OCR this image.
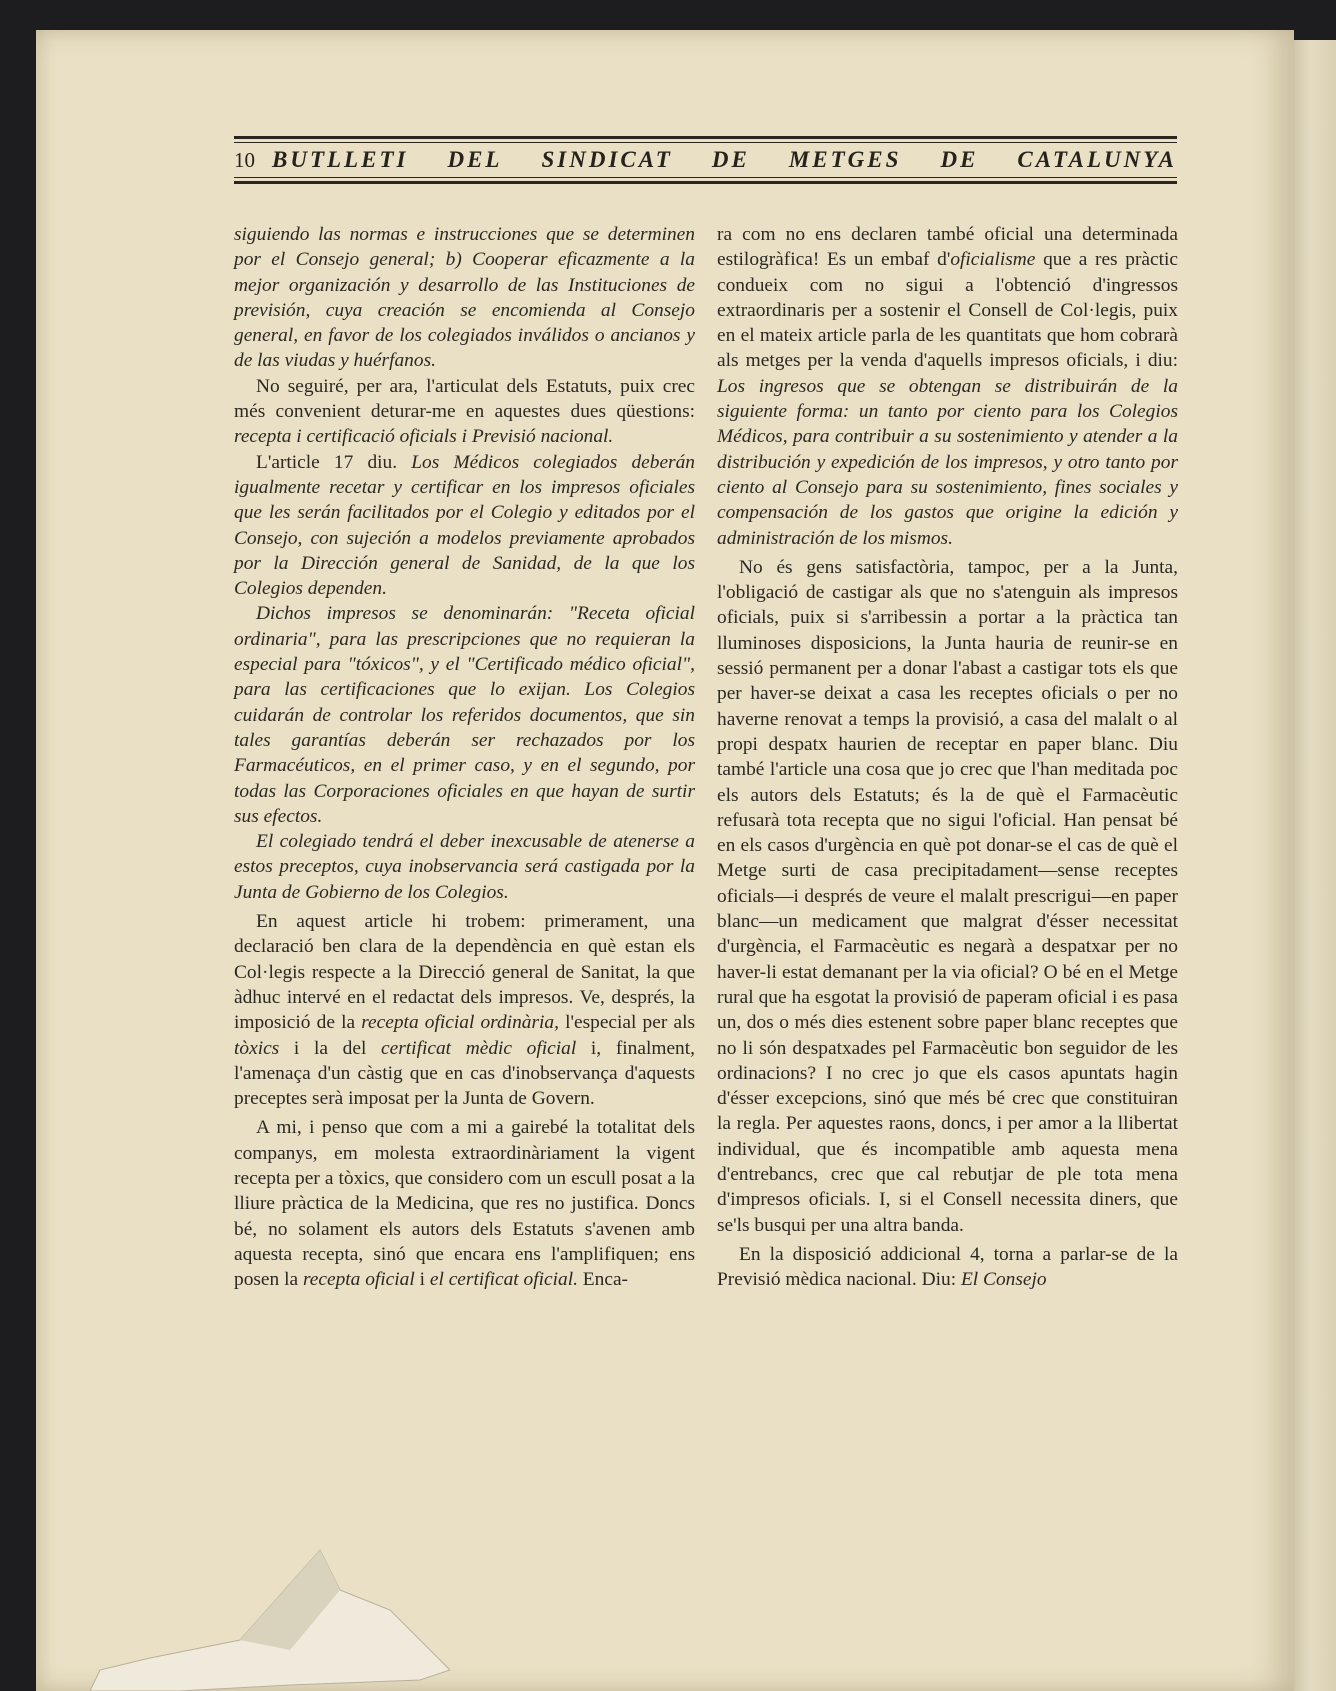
10 BUTLLETI DEL SINDICAT DE METGES DE CATALUNYA

siguiendo las normas e instrucciones que se determinen por el Consejo general; b) Cooperar eficazmente a la mejor organización y desarrollo de las Instituciones de previsión, cuya creación se encomienda al Consejo general, en favor de los colegiados inválidos o ancianos y de las viudas y huérfanos.

No seguiré, per ara, l'articulat dels Estatuts, puix crec més convenient deturar-me en aquestes dues qüestions: recepta i certificació oficials i Previsió nacional.

L'article 17 diu. Los Médicos colegiados deberán igualmente recetar y certificar en los impresos oficiales que les serán facilitados por el Colegio y editados por el Consejo, con sujeción a modelos previamente aprobados por la Dirección general de Sanidad, de la que los Colegios dependen.

Dichos impresos se denominarán: "Receta oficial ordinaria", para las prescripciones que no requieran la especial para "tóxicos", y el "Certificado médico oficial", para las certificaciones que lo exijan. Los Colegios cuidarán de controlar los referidos documentos, que sin tales garantías deberán ser rechazados por los Farmacéuticos, en el primer caso, y en el segundo, por todas las Corporaciones oficiales en que hayan de surtir sus efectos.

El colegiado tendrá el deber inexcusable de atenerse a estos preceptos, cuya inobservancia será castigada por la Junta de Gobierno de los Colegios.

En aquest article hi trobem: primerament, una declaració ben clara de la dependència en què estan els Col·legis respecte a la Direcció general de Sanitat, la que àdhuc intervé en el redactat dels impresos. Ve, després, la imposició de la recepta oficial ordinària, l'especial per als tòxics i la del certificat mèdic oficial i, finalment, l'amenaça d'un càstig que en cas d'inobservança d'aquests preceptes serà imposat per la Junta de Govern.

A mi, i penso que com a mi a gairebé la totalitat dels companys, em molesta extraordinàriament la vigent recepta per a tòxics, que considero com un escull posat a la lliure pràctica de la Medicina, que res no justifica. Doncs bé, no solament els autors dels Estatuts s'avenen amb aquesta recepta, sinó que encara ens l'amplifiquen; ens posen la recepta oficial i el certificat oficial. Enca-

ra com no ens declaren també oficial una determinada estilogràfica! Es un embaf d'oficialisme que a res pràctic condueix com no sigui a l'obtenció d'ingressos extraordinaris per a sostenir el Consell de Col·legis, puix en el mateix article parla de les quantitats que hom cobrarà als metges per la venda d'aquells impresos oficials, i diu: Los ingresos que se obtengan se distribuirán de la siguiente forma: un tanto por ciento para los Colegios Médicos, para contribuir a su sostenimiento y atender a la distribución y expedición de los impresos, y otro tanto por ciento al Consejo para su sostenimiento, fines sociales y compensación de los gastos que origine la edición y administración de los mismos.

No és gens satisfactòria, tampoc, per a la Junta, l'obligació de castigar als que no s'atenguin als impresos oficials, puix si s'arribessin a portar a la pràctica tan lluminoses disposicions, la Junta hauria de reunir-se en sessió permanent per a donar l'abast a castigar tots els que per haver-se deixat a casa les receptes oficials o per no haverne renovat a temps la provisió, a casa del malalt o al propi despatx haurien de receptar en paper blanc. Diu també l'article una cosa que jo crec que l'han meditada poc els autors dels Estatuts; és la de què el Farmacèutic refusarà tota recepta que no sigui l'oficial. Han pensat bé en els casos d'urgència en què pot donar-se el cas de què el Metge surti de casa precipitadament—sense receptes oficials—i després de veure el malalt prescrigui—en paper blanc—un medicament que malgrat d'ésser necessitat d'urgència, el Farmacèutic es negarà a despatxar per no haver-li estat demanant per la via oficial? O bé en el Metge rural que ha esgotat la provisió de paperam oficial i es pasa un, dos o més dies estenent sobre paper blanc receptes que no li són despatxades pel Farmacèutic bon seguidor de les ordinacions? I no crec jo que els casos apuntats hagin d'ésser excepcions, sinó que més bé crec que constituiran la regla. Per aquestes raons, doncs, i per amor a la llibertat individual, que és incompatible amb aquesta mena d'entrebancs, crec que cal rebutjar de ple tota mena d'impresos oficials. I, si el Consell necessita diners, que se'ls busqui per una altra banda.

En la disposició addicional 4, torna a parlar-se de la Previsió mèdica nacional. Diu: El Consejo
